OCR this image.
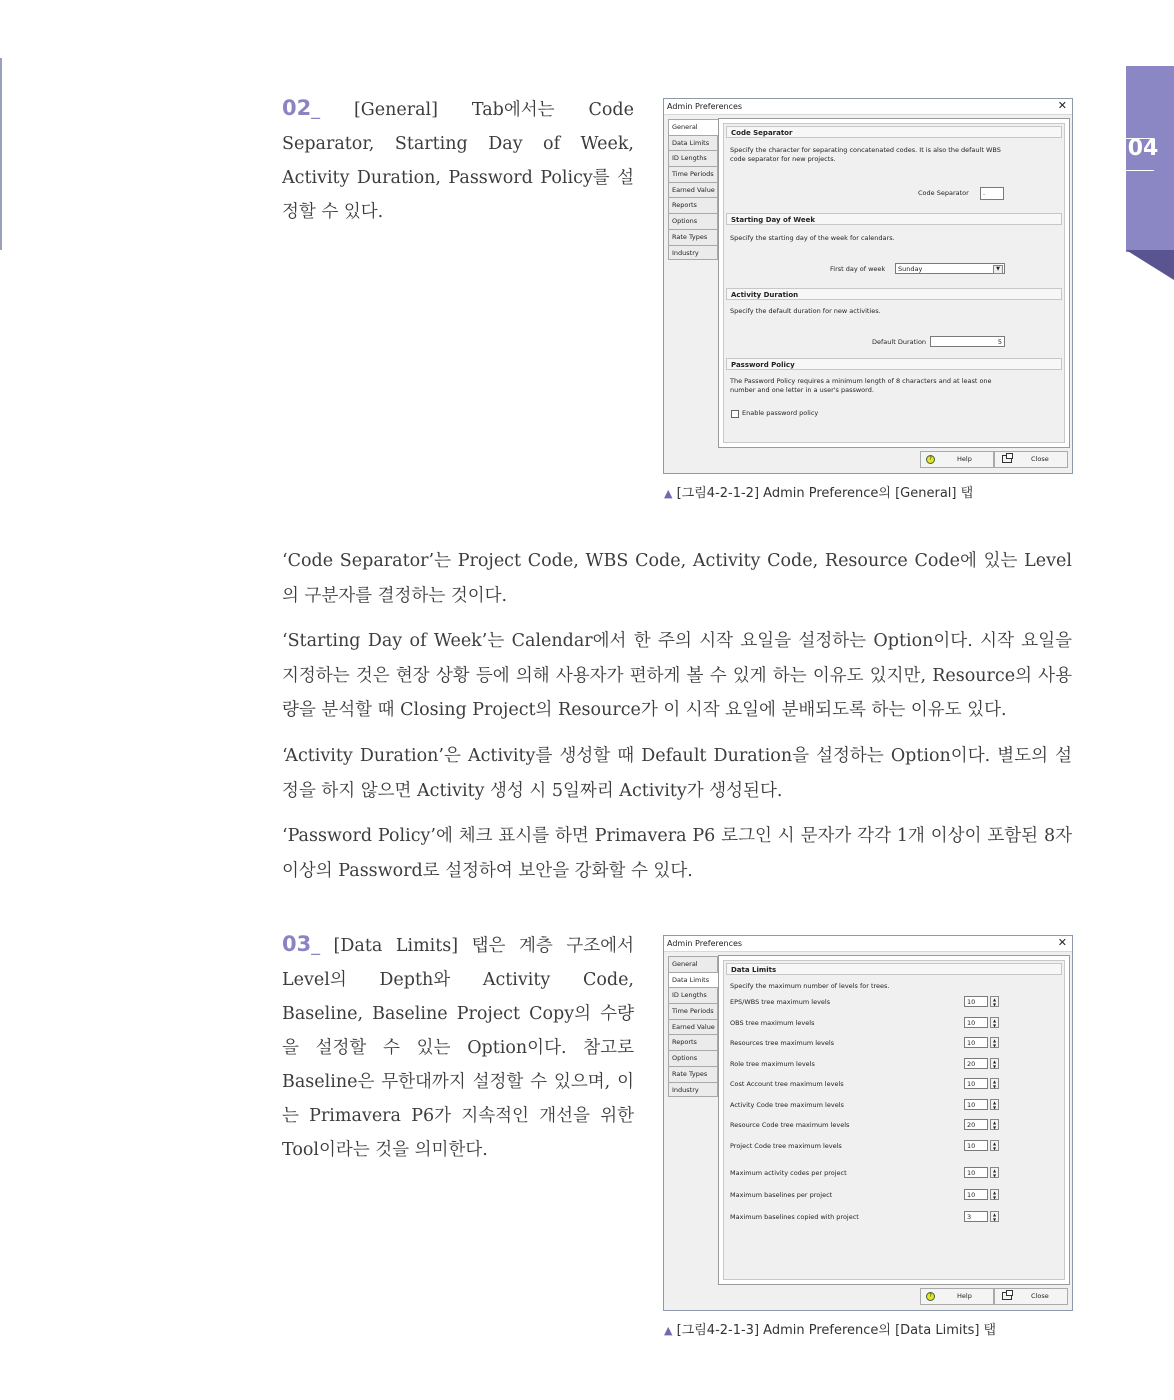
04
02_ [General] Tab에서는 Code Separator, Starting Day of Week, Activity Duration, Password Policy를 설정할 수 있다.
Admin Preferences	✕
General
Data Limits
ID Lengths
Time Periods
Earned Value
Reports
Options
Rate Types
Industry
Code Separator
Specify the character for separating concatenated codes. It is also the default WBS
code separator for new projects.
Code Separator	.
Starting Day of Week
Specify the starting day of the week for calendars.
First day of week	Sunday	▼
Activity Duration
Specify the default duration for new activities.
Default Duration	5
Password Policy
The Password Policy requires a minimum length of 8 characters and at least one
number and one letter in a user's password.
Enable password policy
?	Help	Close
▲ [그림4-2-1-2] Admin Preference의 [General] 탭
‘Code Separator’는 Project Code, WBS Code, Activity Code, Resource Code에 있는 Level의 구분자를 결정하는 것이다.
‘Starting Day of Week’는 Calendar에서 한 주의 시작 요일을 설정하는 Option이다. 시작 요일을 지정하는 것은 현장 상황 등에 의해 사용자가 편하게 볼 수 있게 하는 이유도 있지만, Resource의 사용량을 분석할 때 Closing Project의 Resource가 이 시작 요일에 분배되도록 하는 이유도 있다.
‘Activity Duration’은 Activity를 생성할 때 Default Duration을 설정하는 Option이다. 별도의 설정을 하지 않으면 Activity 생성 시 5일짜리 Activity가 생성된다.
‘Password Policy’에 체크 표시를 하면 Primavera P6 로그인 시 문자가 각각 1개 이상이 포함된 8자 이상의 Password로 설정하여 보안을 강화할 수 있다.
03_ [Data Limits] 탭은 계층 구조에서 Level의 Depth와 Activity Code, Baseline, Baseline Project Copy의 수량을 설정할 수 있는 Option이다. 참고로 Baseline은 무한대까지 설정할 수 있으며, 이는 Primavera P6가 지속적인 개선을 위한 Tool이라는 것을 의미한다.
Admin Preferences	✕
General
Data Limits
ID Lengths
Time Periods
Earned Value
Reports
Options
Rate Types
Industry
Data Limits
Specify the maximum number of levels for trees.
EPS/WBS tree maximum levels	10	▲
▼
OBS tree maximum levels	10	▲
▼
Resources tree maximum levels	10	▲
▼
Role tree maximum levels	20	▲
▼
Cost Account tree maximum levels	10	▲
▼
Activity Code tree maximum levels	10	▲
▼
Resource Code tree maximum levels	20	▲
▼
Project Code tree maximum levels	10	▲
▼
Maximum activity codes per project	10	▲
▼
Maximum baselines per project	10	▲
▼
Maximum baselines copied with project	3	▲
▼
?	Help	Close
▲ [그림4-2-1-3] Admin Preference의 [Data Limits] 탭
